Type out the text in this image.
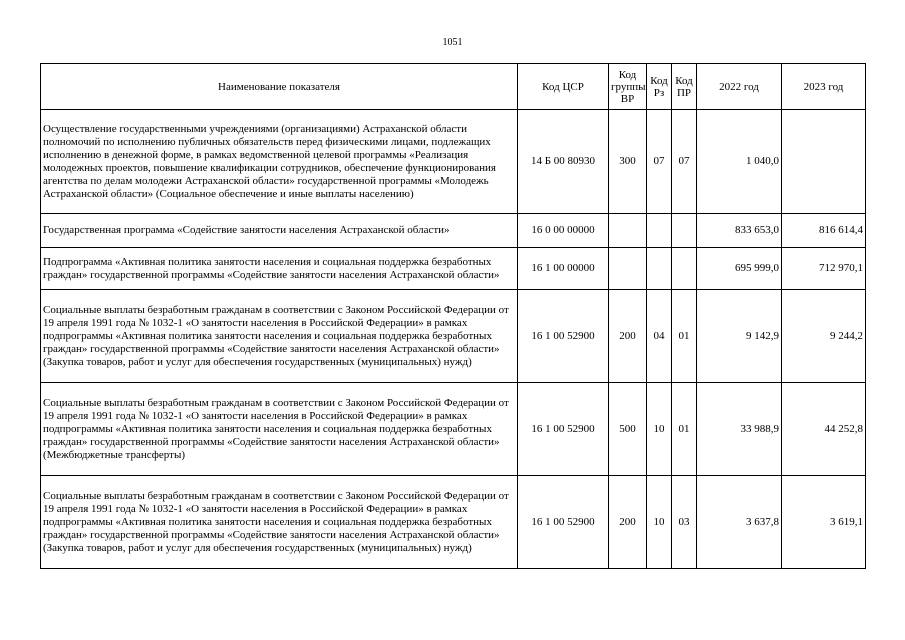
1051
Наименование показателя	Код ЦСР	Код группы ВР	Код Рз	Код ПР	2022 год	2023 год
Осуществление государственными учреждениями (организациями) Астраханской области полномочий по исполнению публичных обязательств перед физическими лицами, подлежащих исполнению в денежной форме, в рамках ведомственной целевой программы «Реализация молодежных проектов, повышение квалификации сотрудников, обеспечение функционирования агентства по делам молодежи Астраханской области» государственной программы «Молодежь Астраханской области» (Социальное обеспечение и иные выплаты населению)	14 Б 00 80930	300	07	07	1 040,0	
Государственная программа «Содействие занятости населения Астраханской области»	16 0 00 00000				833 653,0	816 614,4
Подпрограмма «Активная политика занятости населения и социальная поддержка безработных граждан» государственной программы «Содействие занятости населения Астраханской области»	16 1 00 00000				695 999,0	712 970,1
Социальные выплаты безработным гражданам в соответствии с Законом Российской Федерации от 19 апреля 1991 года № 1032-1 «О занятости населения в Российской Федерации» в рамках подпрограммы «Активная политика занятости населения и социальная поддержка безработных граждан» государственной программы «Содействие занятости населения Астраханской области» (Закупка товаров, работ и услуг для обеспечения государственных (муниципальных) нужд)	16 1 00 52900	200	04	01	9 142,9	9 244,2
Социальные выплаты безработным гражданам в соответствии с Законом Российской Федерации от 19 апреля 1991 года № 1032-1 «О занятости населения в Российской Федерации» в рамках подпрограммы «Активная политика занятости населения и социальная поддержка безработных граждан» государственной программы «Содействие занятости населения Астраханской области» (Межбюджетные трансферты)	16 1 00 52900	500	10	01	33 988,9	44 252,8
Социальные выплаты безработным гражданам в соответствии с Законом Российской Федерации от 19 апреля 1991 года № 1032-1 «О занятости населения в Российской Федерации» в рамках подпрограммы «Активная политика занятости населения и социальная поддержка безработных граждан» государственной программы «Содействие занятости населения Астраханской области» (Закупка товаров, работ и услуг для обеспечения государственных (муниципальных) нужд)	16 1 00 52900	200	10	03	3 637,8	3 619,1
